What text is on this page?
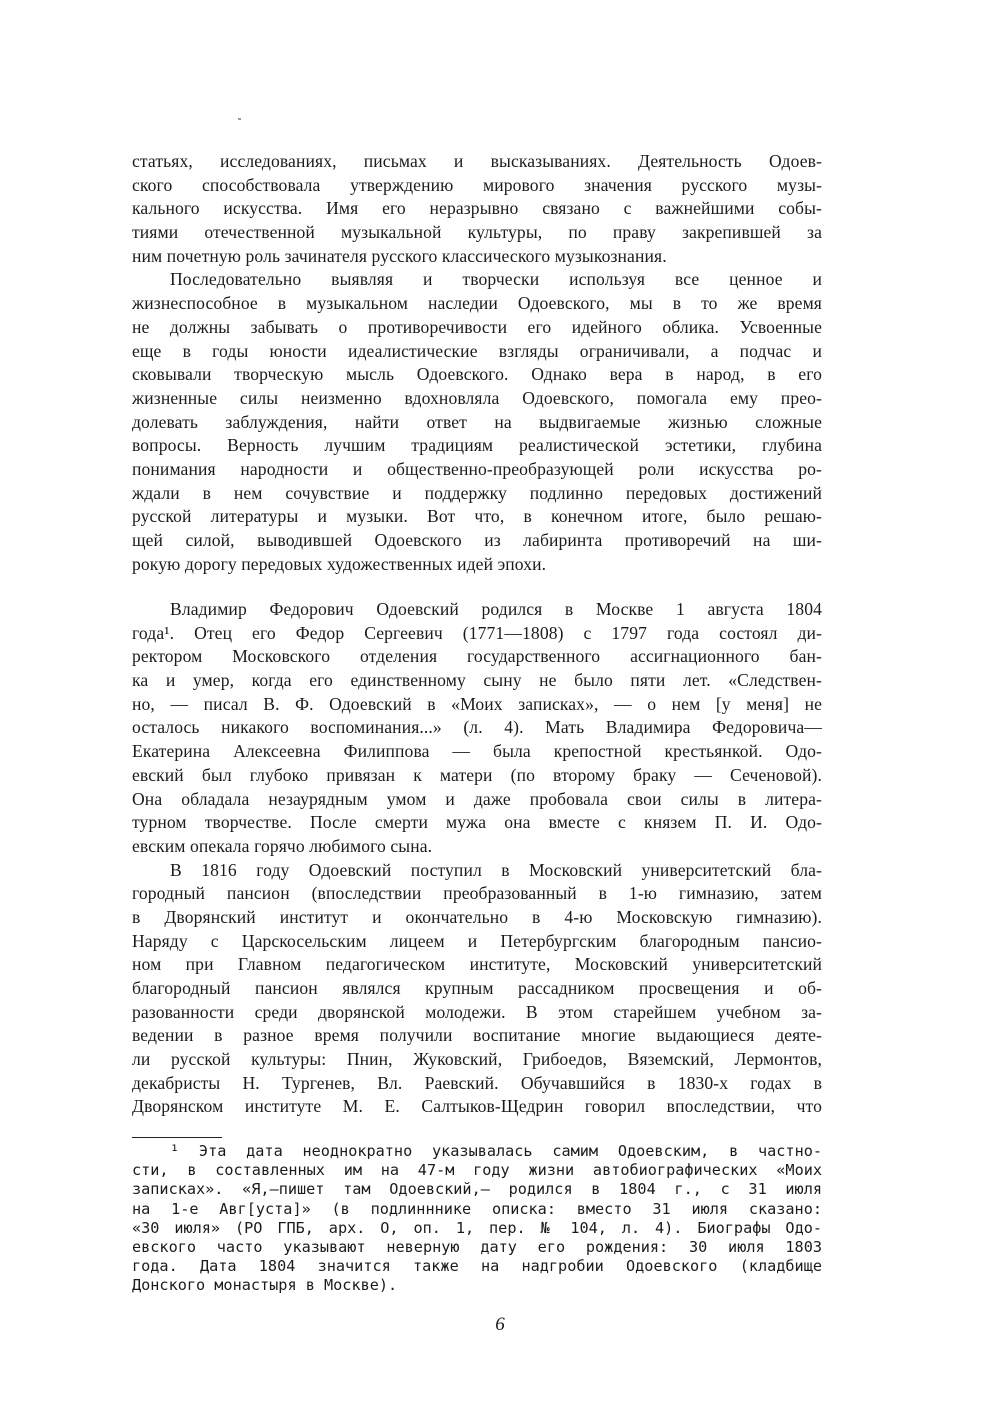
статьях, исследованиях, письмах и высказываниях. Деятельность Одоев-
ского способствовала утверждению мирового значения русского музы-
кального искусства. Имя его неразрывно связано с важнейшими собы-
тиями отечественной музыкальной культуры, по праву закрепившей за
ним почетную роль зачинателя русского классического музыкознания.
Последовательно выявляя и творчески используя все ценное и
жизнеспособное в музыкальном наследии Одоевского, мы в то же время
не должны забывать о противоречивости его идейного облика. Усвоенные
еще в годы юности идеалистические взгляды ограничивали, а подчас и
сковывали творческую мысль Одоевского. Однако вера в народ, в его
жизненные силы неизменно вдохновляла Одоевского, помогала ему прео-
долевать заблуждения, найти ответ на выдвигаемые жизнью сложные
вопросы. Верность лучшим традициям реалистической эстетики, глубина
понимания народности и общественно-преобразующей роли искусства ро-
ждали в нем сочувствие и поддержку подлинно передовых достижений
русской литературы и музыки. Вот что, в конечном итоге, было решаю-
щей силой, выводившей Одоевского из лабиринта противоречий на ши-
рокую дорогу передовых художественных идей эпохи.
Владимир Федорович Одоевский родился в Москве 1 августа 1804
года¹. Отец его Федор Сергеевич (1771—1808) с 1797 года состоял ди-
ректором Московского отделения государственного ассигнационного бан-
ка и умер, когда его единственному сыну не было пяти лет. «Следствен-
но, — писал В. Ф. Одоевский в «Моих записках», — о нем [у меня] не
осталось никакого воспоминания...» (л. 4). Мать Владимира Федоровича—
Екатерина Алексеевна Филиппова — была крепостной крестьянкой. Одо-
евский был глубоко привязан к матери (по второму браку — Сеченовой).
Она обладала незаурядным умом и даже пробовала свои силы в литера-
турном творчестве. После смерти мужа она вместе с князем П. И. Одо-
евским опекала горячо любимого сына.
В 1816 году Одоевский поступил в Московский университетский бла-
городный пансион (впоследствии преобразованный в 1-ю гимназию, затем
в Дворянский институт и окончательно в 4-ю Московскую гимназию).
Наряду с Царскосельским лицеем и Петербургским благородным пансио-
ном при Главном педагогическом институте, Московский университетский
благородный пансион являлся крупным рассадником просвещения и об-
разованности среди дворянской молодежи. В этом старейшем учебном за-
ведении в разное время получили воспитание многие выдающиеся деяте-
ли русской культуры: Пнин, Жуковский, Грибоедов, Вяземский, Лермонтов,
декабристы Н. Тургенев, Вл. Раевский. Обучавшийся в 1830-х годах в
Дворянском институте М. Е. Салтыков-Щедрин говорил впоследствии, что
¹ Эта дата неоднократно указывалась самим Одоевским, в частно-
сти, в составленных им на 47-м году жизни автобиографических «Моих
записках». «Я,—пишет там Одоевский,— родился в 1804 г., с 31 июля
на 1-е Авг[уста]» (в подлинннике описка: вместо 31 июля сказано:
«30 июля» (РО ГПБ, арх. О, оп. 1, пер. № 104, л. 4). Биографы Одо-
евского часто указывают неверную дату его рождения: 30 июля 1803
года. Дата 1804 значится также на надгробии Одоевского (кладбище
Донского монастыря в Москве).
6
